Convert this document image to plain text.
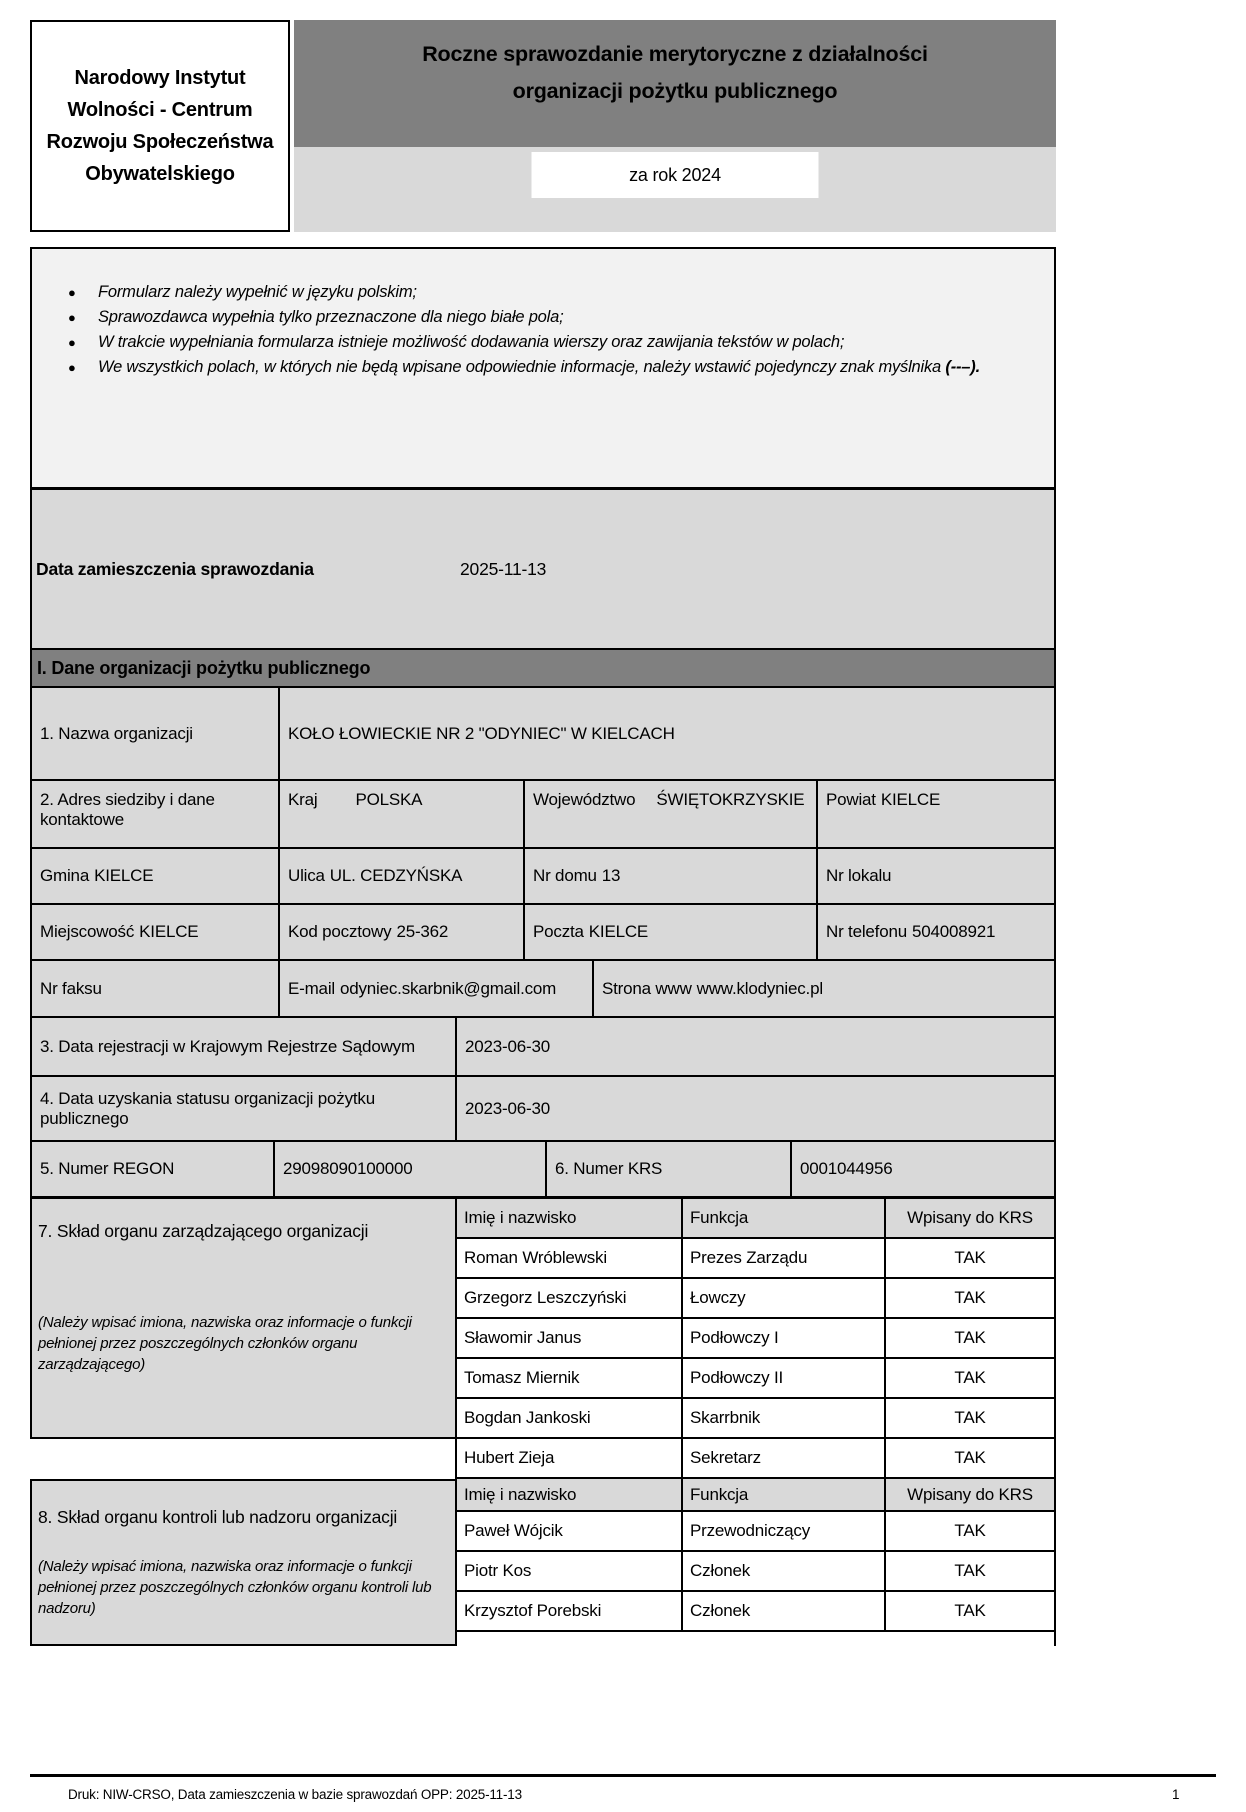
Narodowy Instytut Wolności - Centrum Rozwoju Społeczeństwa Obywatelskiego
Roczne sprawozdanie merytoryczne z działalności
organizacji pożytku publicznego
za rok 2024
●	Formularz należy wypełnić w języku polskim;
●	Sprawozdawca wypełnia tylko przeznaczone dla niego białe pola;
●	W trakcie wypełniania formularza istnieje możliwość dodawania wierszy oraz zawijania tekstów w polach;
●	We wszystkich polach, w których nie będą wpisane odpowiednie informacje, należy wstawić pojedynczy znak myślnika (--–).
Data zamieszczenia sprawozdania	2025-11-13
I. Dane organizacji pożytku publicznego
1. Nazwa organizacji	KOŁO ŁOWIECKIE NR 2 "ODYNIEC" W KIELCACH
2. Adres siedziby i dane kontaktowe
Kraj POLSKA	Województwo ŚWIĘTOKRZYSKIE Powiat KIELCE
Gmina KIELCE	Ulica UL. CEDZYŃSKA	Nr domu 13	Nr lokalu
Miejscowość KIELCE	Kod pocztowy 25-362	Poczta KIELCE	Nr telefonu 504008921
Nr faksu	E-mail odyniec.skarbnik@gmail.com	Strona www www.klodyniec.pl
3. Data rejestracji w Krajowym Rejestrze Sądowym	2023-06-30
4. Data uzyskania statusu organizacji pożytku publicznego
2023-06-30
5. Numer REGON	29098090100000	6. Numer KRS	0001044956
7. Skład organu zarządzającego organizacji
(Należy wpisać imiona, nazwiska oraz informacje o funkcji pełnionej przez poszczególnych członków organu zarządzającego)
8. Skład organu kontroli lub nadzoru organizacji
(Należy wpisać imiona, nazwiska oraz informacje o funkcji pełnionej przez poszczególnych członków organu kontroli lub nadzoru)
Imię i nazwisko	Funkcja	Wpisany do KRS
Roman Wróblewski	Prezes Zarządu	TAK
Grzegorz Leszczyński	Łowczy	TAK
Sławomir Janus	Podłowczy I	TAK
Tomasz Miernik	Podłowczy II	TAK
Bogdan Jankoski	Skarrbnik	TAK
Hubert Zieja	Sekretarz	TAK
Imię i nazwisko	Funkcja	Wpisany do KRS
Paweł Wójcik	Przewodniczący	TAK
Piotr Kos	Członek	TAK
Krzysztof Porebski	Członek	TAK
Druk: NIW-CRSO, Data zamieszczenia w bazie sprawozdań OPP: 2025-11-13	1
